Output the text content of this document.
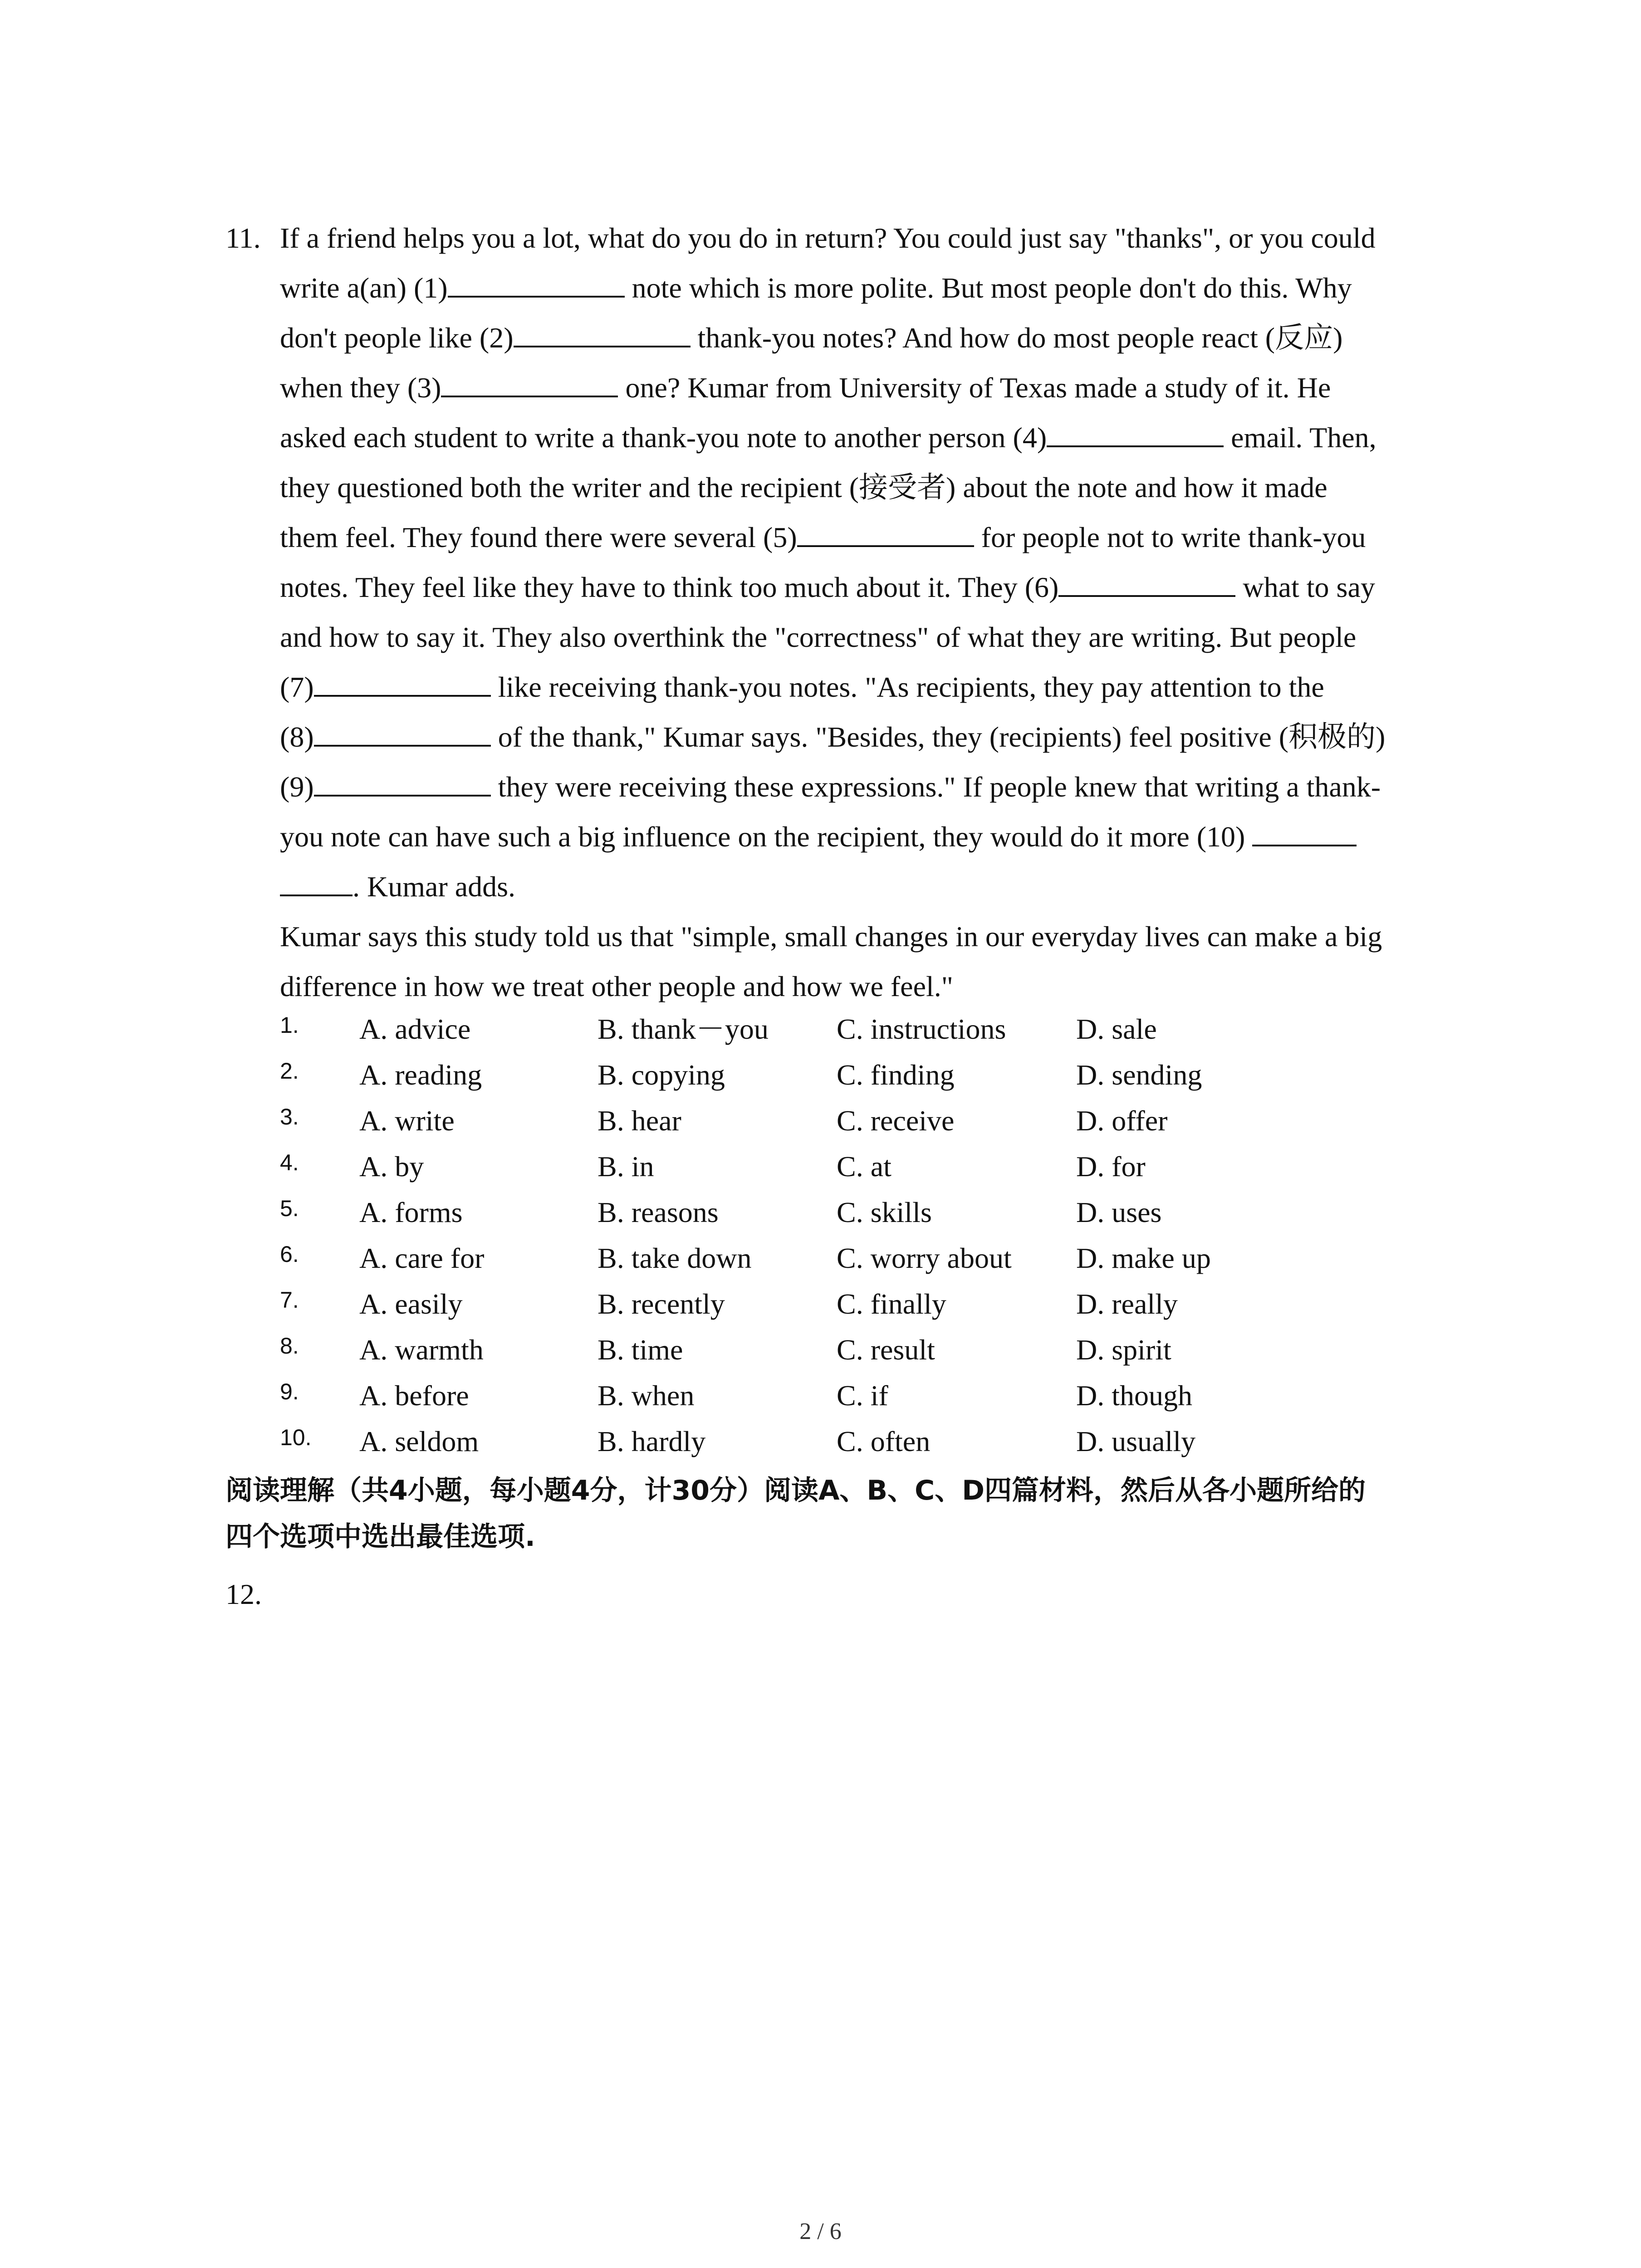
11. If a friend helps you a lot, what do you do in return? You could just say "thanks", or you could
write a(an) (1)	note which is more polite. But most people don't do this. Why
don't people like (2)	thank-you notes? And how do most people react (反应)
when they (3)	one? Kumar from University of Texas made a study of it. He
asked each student to write a thank-you note to another person (4)	email. Then,
they questioned both the writer and the recipient (接受者) about the note and how it made
them feel. They found there were several (5)	for people not to write thank-you
notes. They feel like they have to think too much about it. They (6)	what to say
and how to say it. They also overthink the "correctness" of what they are writing. But people
(7)	like receiving thank-you notes. "As recipients, they pay attention to the
(8)	of the thank," Kumar says. "Besides, they (recipients) feel positive (积极的)
(9)	they were receiving these expressions." If people knew that writing a thank-
you note can have such a big influence on the recipient, they would do it more (10)
. Kumar adds.
Kumar says this study told us that "simple, small changes in our everyday lives can make a big
difference in how we treat other people and how we feel."
1. A. advice	B. thank－you C. instructions D. sale
2. A. reading	B. copying	C. finding	D. sending
3. A. write	B. hear	C. receive	D. offer
4. A. by	B. in	C. at	D. for
5. A. forms	B. reasons	C. skills	D. uses
6. A. care for	B. take down	C. worry about D. make up
7. A. easily	B. recently	C. finally	D. really
8. A. warmth	B. time	C. result	D. spirit
9. A. before	B. when	C. if	D. though
10. A. seldom	B. hardly	C. often	D. usually
阅读理解（共4小题，每小题4分，计30分）阅读A、B、C、D四篇材料，然后从各小题所给的
四个选项中选出最佳选项.
12.
2 / 6
